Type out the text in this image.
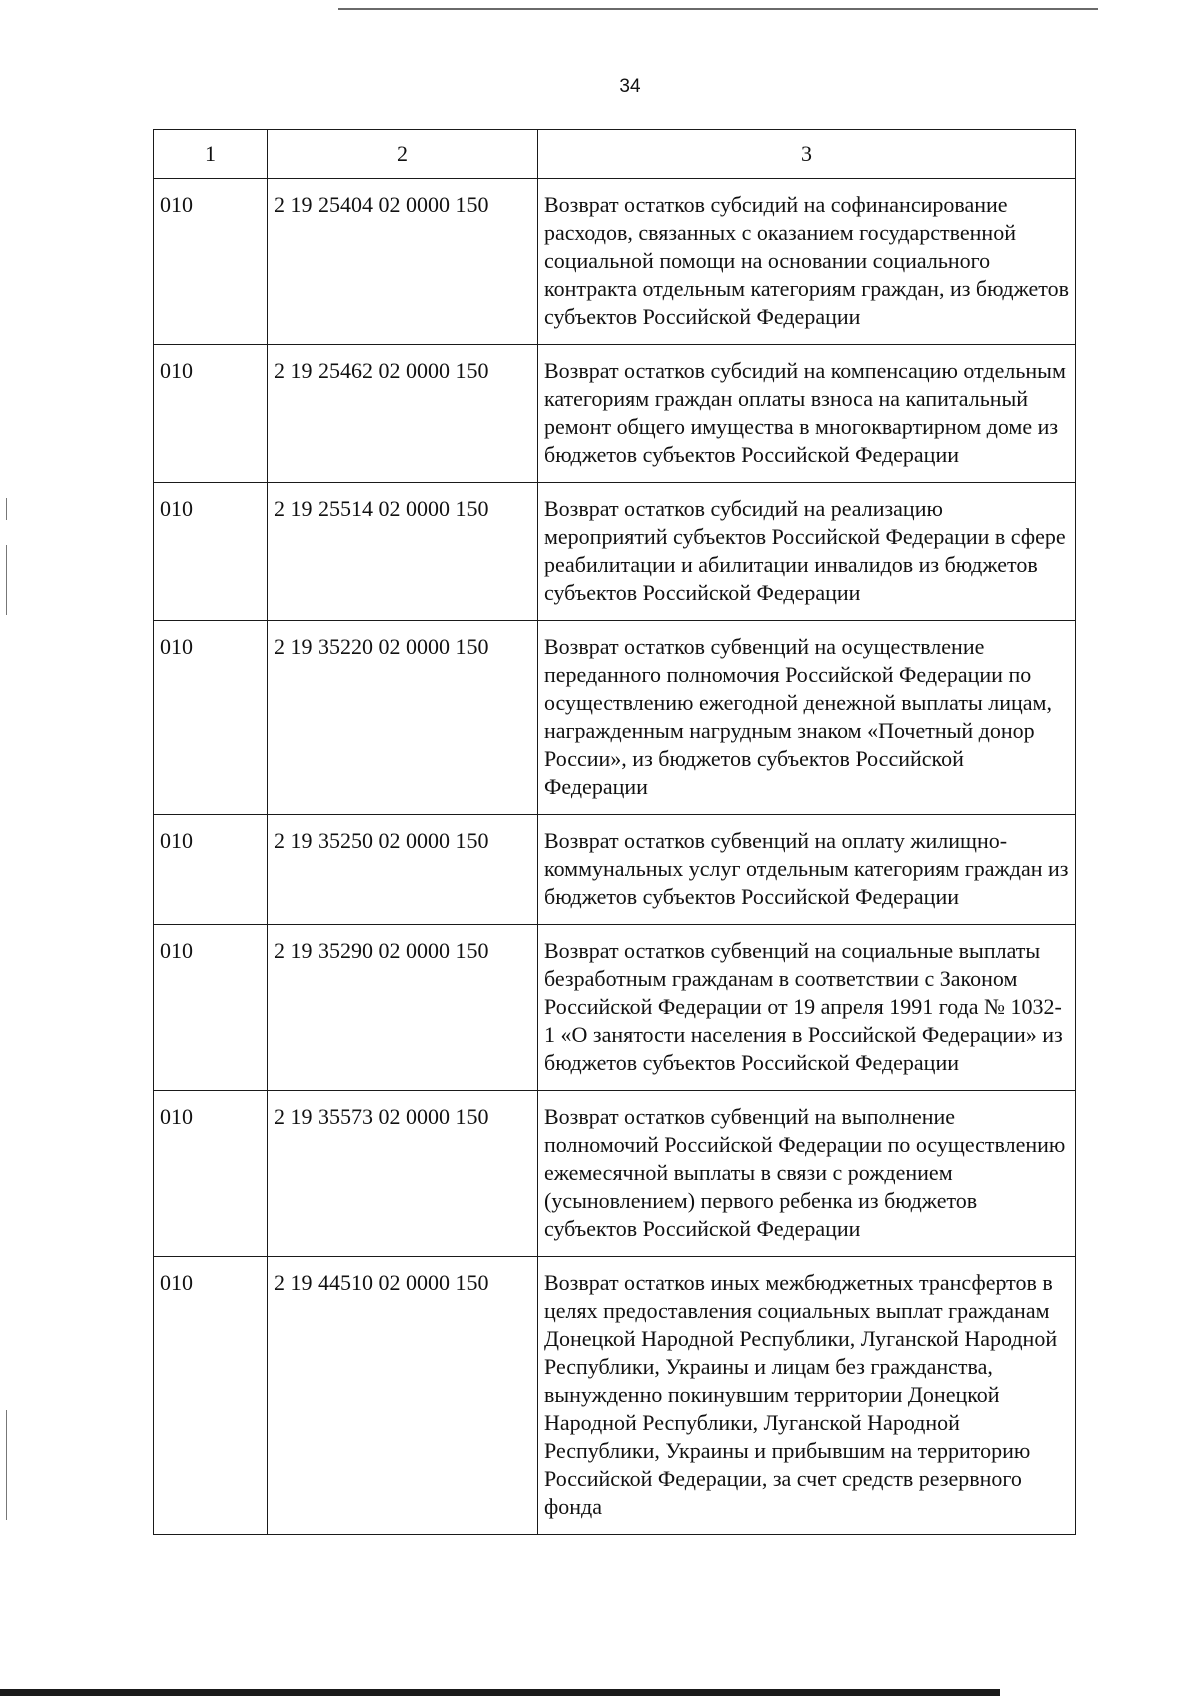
34
1	2	3
010	2 19 25404 02 0000 150	Возврат остатков субсидий на софинансирование расходов, связанных с оказанием государственной социальной помощи на основании социального контракта отдельным категориям граждан, из бюджетов субъектов Российской Федерации
010	2 19 25462 02 0000 150	Возврат остатков субсидий на компенсацию отдельным категориям граждан оплаты взноса на капитальный ремонт общего имущества в многоквартирном доме из бюджетов субъектов Российской Федерации
010	2 19 25514 02 0000 150	Возврат остатков субсидий на реализацию мероприятий субъектов Российской Федерации в сфере реабилитации и абилитации инвалидов из бюджетов субъектов Российской Федерации
010	2 19 35220 02 0000 150	Возврат остатков субвенций на осуществление переданного полномочия Российской Федерации по осуществлению ежегодной денежной выплаты лицам, награжденным нагрудным знаком «Почетный донор России», из бюджетов субъектов Российской Федерации
010	2 19 35250 02 0000 150	Возврат остатков субвенций на оплату жилищно-коммунальных услуг отдельным категориям граждан из бюджетов субъектов Российской Федерации
010	2 19 35290 02 0000 150	Возврат остатков субвенций на социальные выплаты безработным гражданам в соответствии с Законом Российской Федерации от 19 апреля 1991 года № 1032-1 «О занятости населения в Российской Федерации» из бюджетов субъектов Российской Федерации
010	2 19 35573 02 0000 150	Возврат остатков субвенций на выполнение полномочий Российской Федерации по осуществлению ежемесячной выплаты в связи с рождением (усыновлением) первого ребенка из бюджетов субъектов Российской Федерации
010	2 19 44510 02 0000 150	Возврат остатков иных межбюджетных трансфертов в целях предоставления социальных выплат гражданам Донецкой Народной Республики, Луганской Народной Республики, Украины и лицам без гражданства, вынужденно покинувшим территории Донецкой Народной Республики, Луганской Народной Республики, Украины и прибывшим на территорию Российской Федерации, за счет средств резервного фонда
